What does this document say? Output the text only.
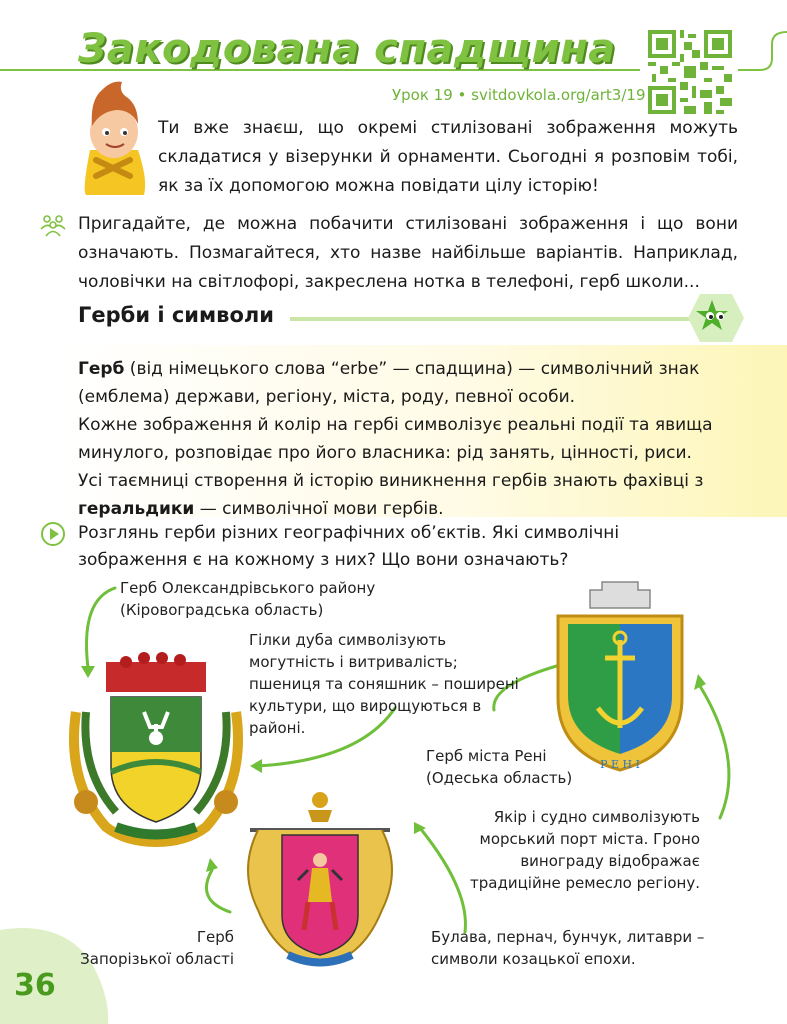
Закодована спадщина
Урок 19 • svitdovkola.org/art3/19
Ти вже знаєш, що окремі стилізовані зображення можуть складатися у візерунки й орнаменти. Сьогодні я розповім тобі, як за їх допомогою можна повідати цілу історію!
Пригадайте, де можна побачити стилізовані зображення і що вони означають. Позмагайтеся, хто назве найбільше варіантів. Наприклад, чоловічки на світлофорі, закреслена нотка в телефоні, герб школи...
Герби і символи
Герб (від німецького слова “erbe” — спадщина) — символічний знак (емблема) держави, регіону, міста, роду, певної особи.
Кожне зображення й колір на гербі символізує реальні події та явища минулого, розповідає про його власника: рід занять, цінності, риси.
Усі таємниці створення й історію виникнення гербів знають фахівці з геральдики — символічної мови гербів.
Розглянь герби різних географічних об’єктів. Які символічні зображення є на кожному з них? Що вони означають?
Р Е Н І
Герб Олександрівського району
(Кіровоградська область)
Гілки дуба символізують могутність і витривалість; пшениця та соняшник – поширені культури, що вирощуються в районі.
Герб міста Рені
(Одеська область)
Якір і судно символізують морський порт міста. Гроно винограду відображає традиційне ремесло регіону.
Герб
Запорізької області
Булава, пернач, бунчук, литаври –
символи козацької епохи.
36
